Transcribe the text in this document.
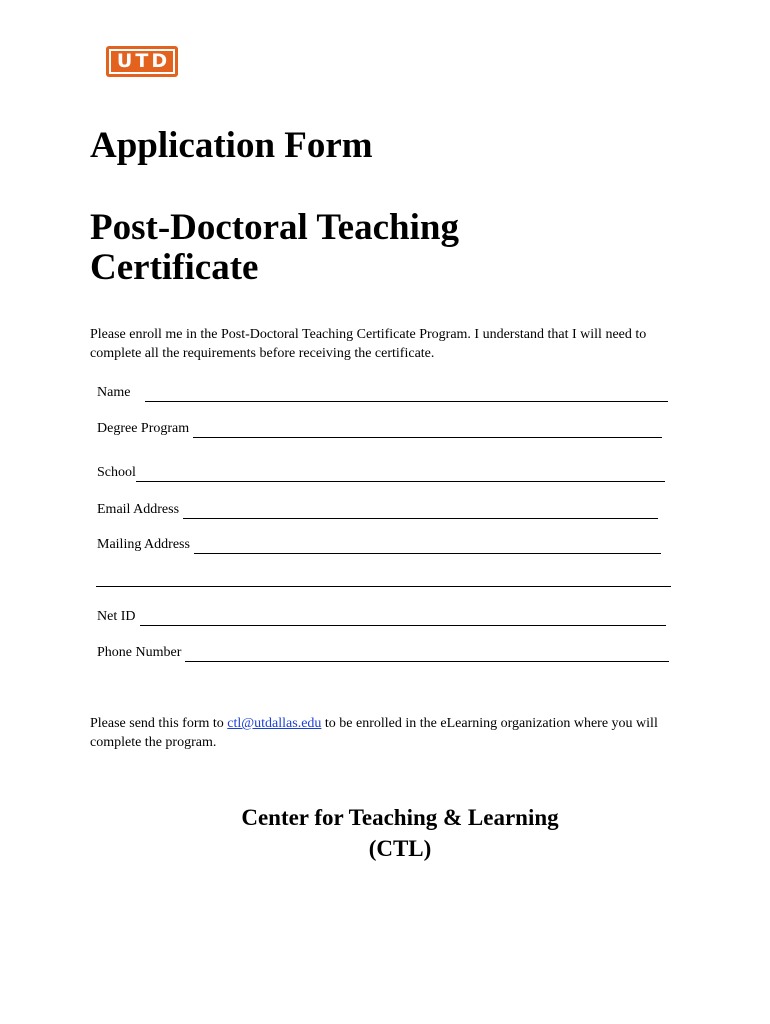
U T D
Application Form
Post-Doctoral Teaching Certificate

Please enroll me in the Post-Doctoral Teaching Certificate Program. I understand that I will need to complete all the requirements before receiving the certificate.

Name
Degree Program
School
Email Address
Mailing Address
Net ID
Phone Number

Please send this form to ctl@utdallas.edu to be enrolled in the eLearning organization where you will complete the program.

Center for Teaching & Learning
(CTL)
